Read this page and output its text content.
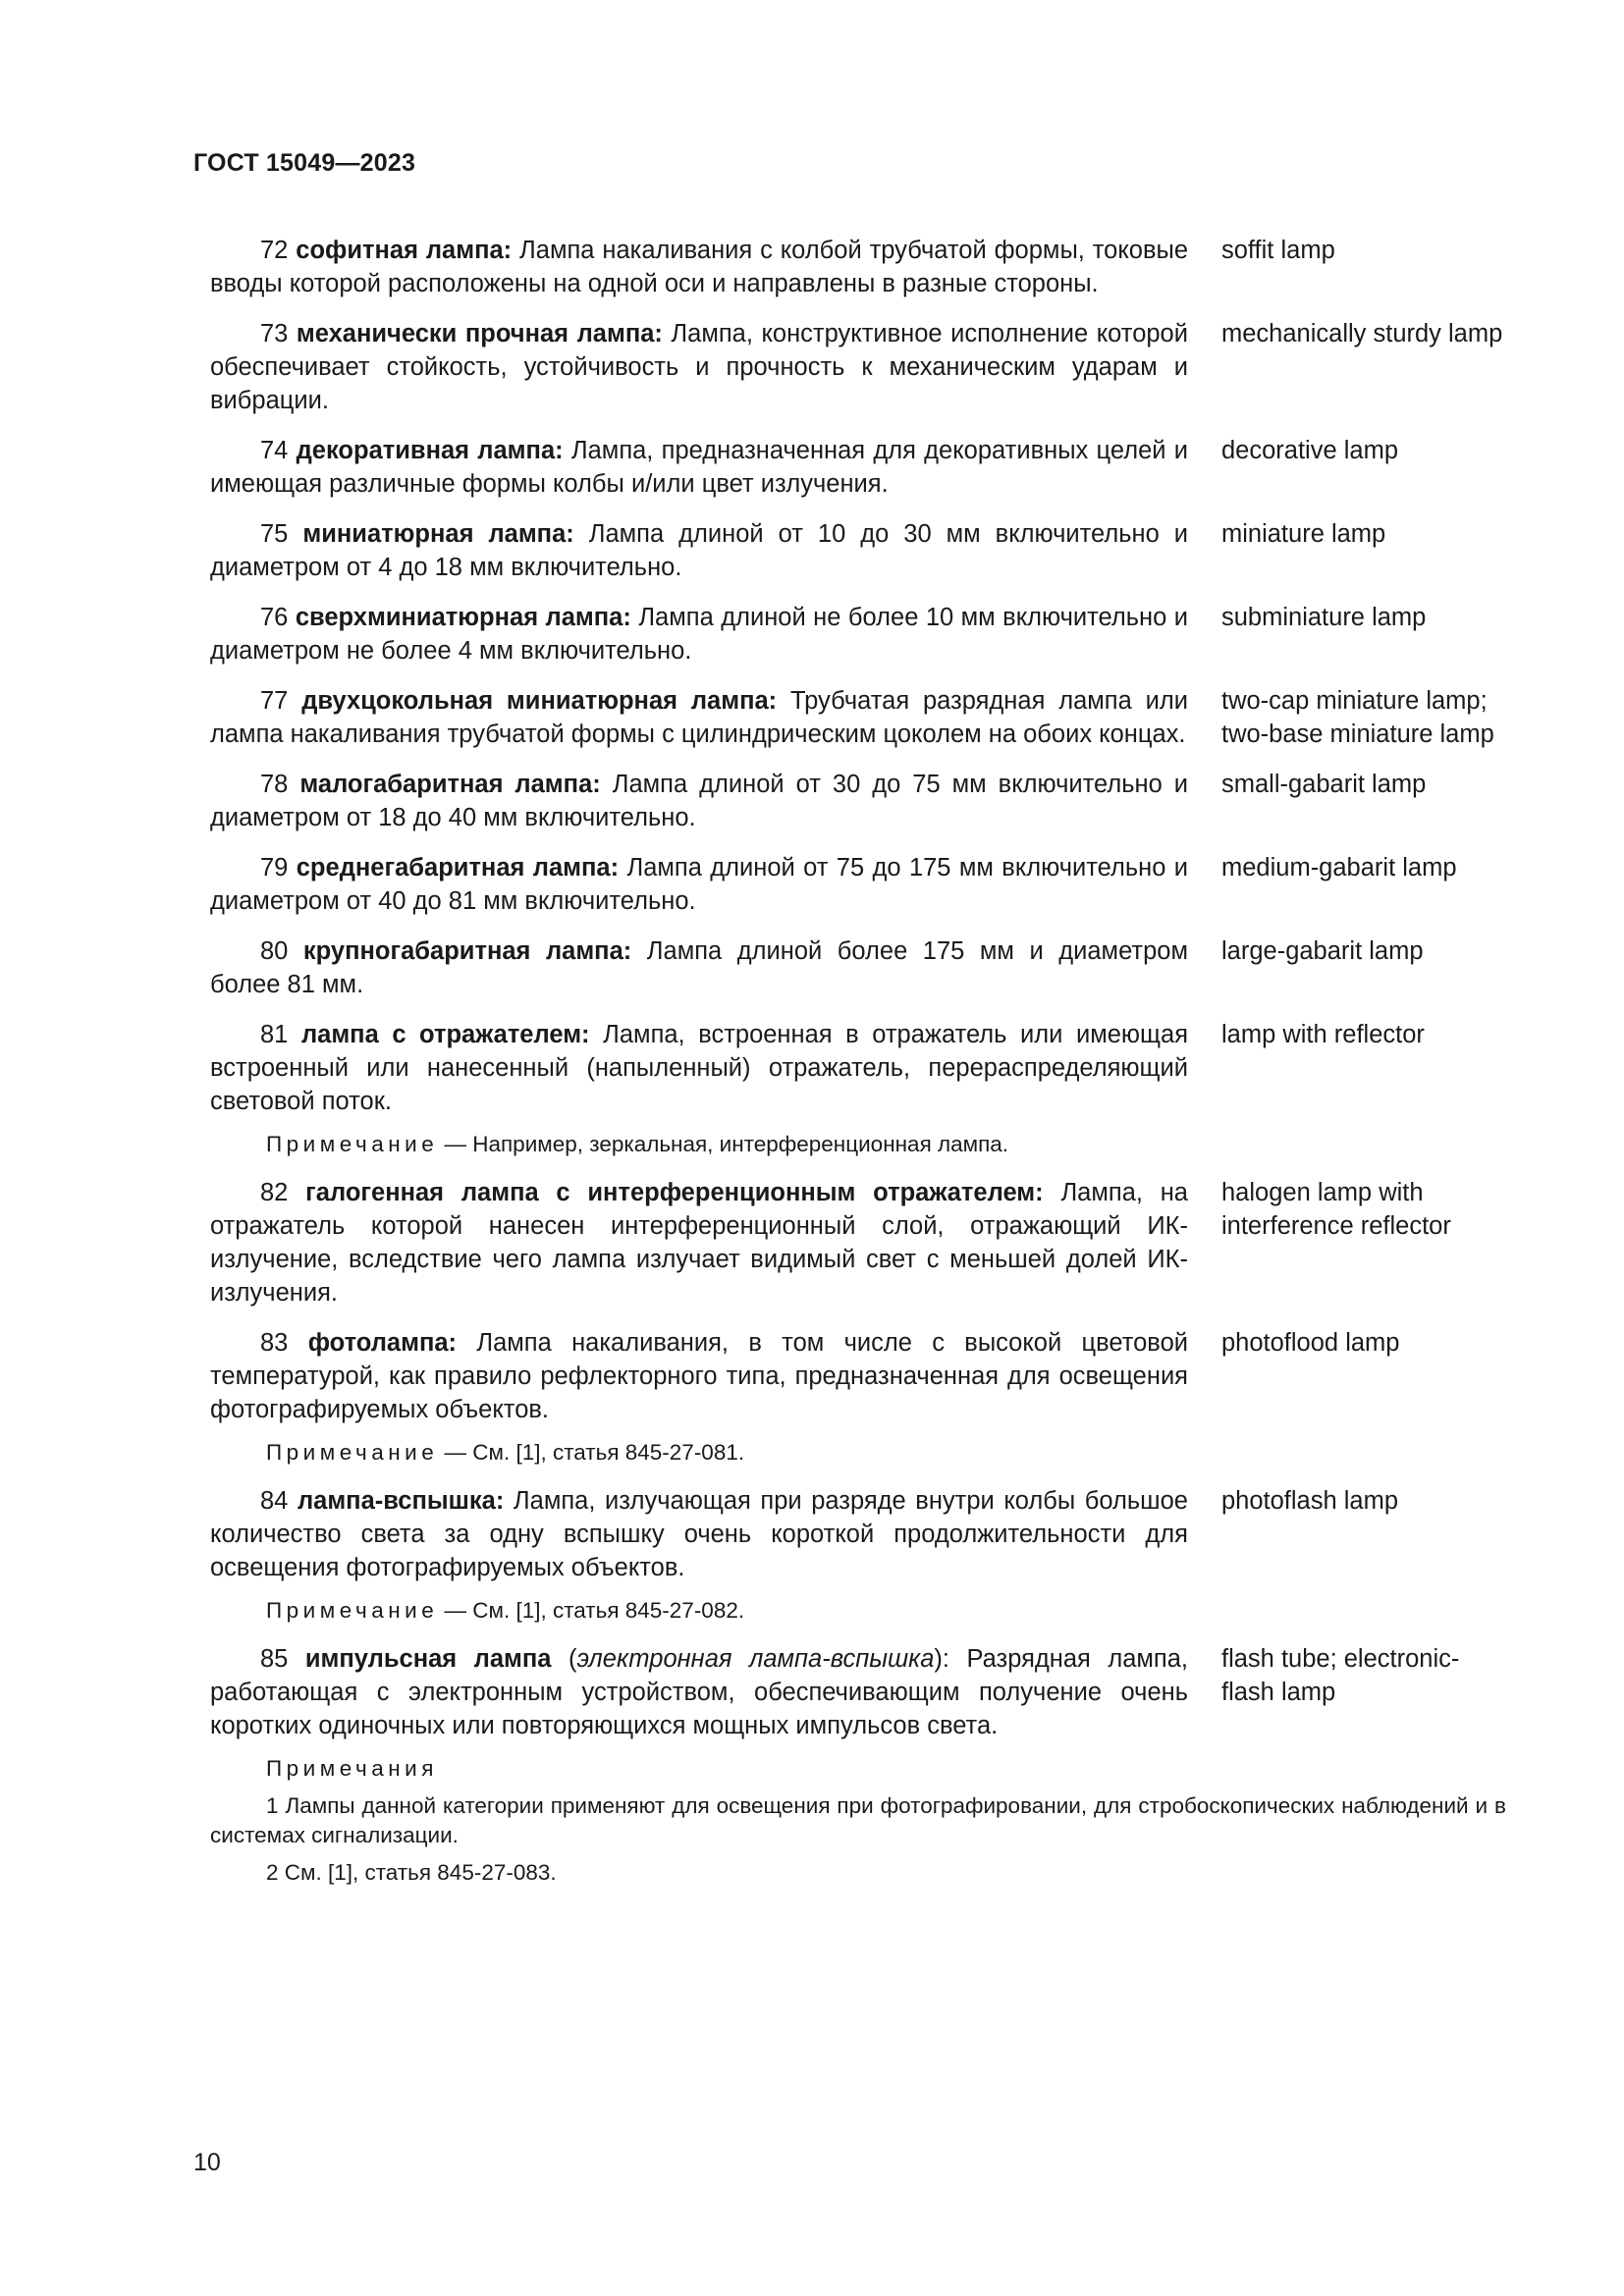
ГОСТ 15049—2023
72 софитная лампа: Лампа накаливания с колбой трубчатой формы, токовые вводы которой расположены на одной оси и направлены в разные стороны.
soffit lamp
73 механически прочная лампа: Лампа, конструктивное исполнение которой обеспечивает стойкость, устойчивость и прочность к механическим ударам и вибрации.
mechanically sturdy lamp
74 декоративная лампа: Лампа, предназначенная для декоративных целей и имеющая различные формы колбы и/или цвет излучения.
decorative lamp
75 миниатюрная лампа: Лампа длиной от 10 до 30 мм включительно и диаметром от 4 до 18 мм включительно.
miniature lamp
76 сверхминиатюрная лампа: Лампа длиной не более 10 мм включительно и диаметром не более 4 мм включительно.
subminiature lamp
77 двухцокольная миниатюрная лампа: Трубчатая разрядная лампа или лампа накаливания трубчатой формы с цилиндрическим цоколем на обоих концах.
two-cap miniature lamp; two-base miniature lamp
78 малогабаритная лампа: Лампа длиной от 30 до 75 мм включительно и диаметром от 18 до 40 мм включительно.
small-gabarit lamp
79 среднегабаритная лампа: Лампа длиной от 75 до 175 мм включительно и диаметром от 40 до 81 мм включительно.
medium-gabarit lamp
80 крупногабаритная лампа: Лампа длиной более 175 мм и диаметром более 81 мм.
large-gabarit lamp
81 лампа с отражателем: Лампа, встроенная в отражатель или имеющая встроенный или нанесенный (напыленный) отражатель, перераспределяющий световой поток.
lamp with reflector
Примечание — Например, зеркальная, интерференционная лампа.
82 галогенная лампа с интерференционным отражателем: Лампа, на отражатель которой нанесен интерференционный слой, отражающий ИК-излучение, вследствие чего лампа излучает видимый свет с меньшей долей ИК-излучения.
halogen lamp with interference reflector
83 фотолампа: Лампа накаливания, в том числе с высокой цветовой температурой, как правило рефлекторного типа, предназначенная для освещения фотографируемых объектов.
photoflood lamp
Примечание — См. [1], статья 845-27-081.
84 лампа-вспышка: Лампа, излучающая при разряде внутри колбы большое количество света за одну вспышку очень короткой продолжительности для освещения фотографируемых объектов.
photoflash lamp
Примечание — См. [1], статья 845-27-082.
85 импульсная лампа (электронная лампа-вспышка): Разрядная лампа, работающая с электронным устройством, обеспечивающим получение очень коротких одиночных или повторяющихся мощных импульсов света.
flash tube; electronic-flash lamp
Примечания
1 Лампы данной категории применяют для освещения при фотографировании, для стробоскопических наблюдений и в системах сигнализации.
2 См. [1], статья 845-27-083.
10
